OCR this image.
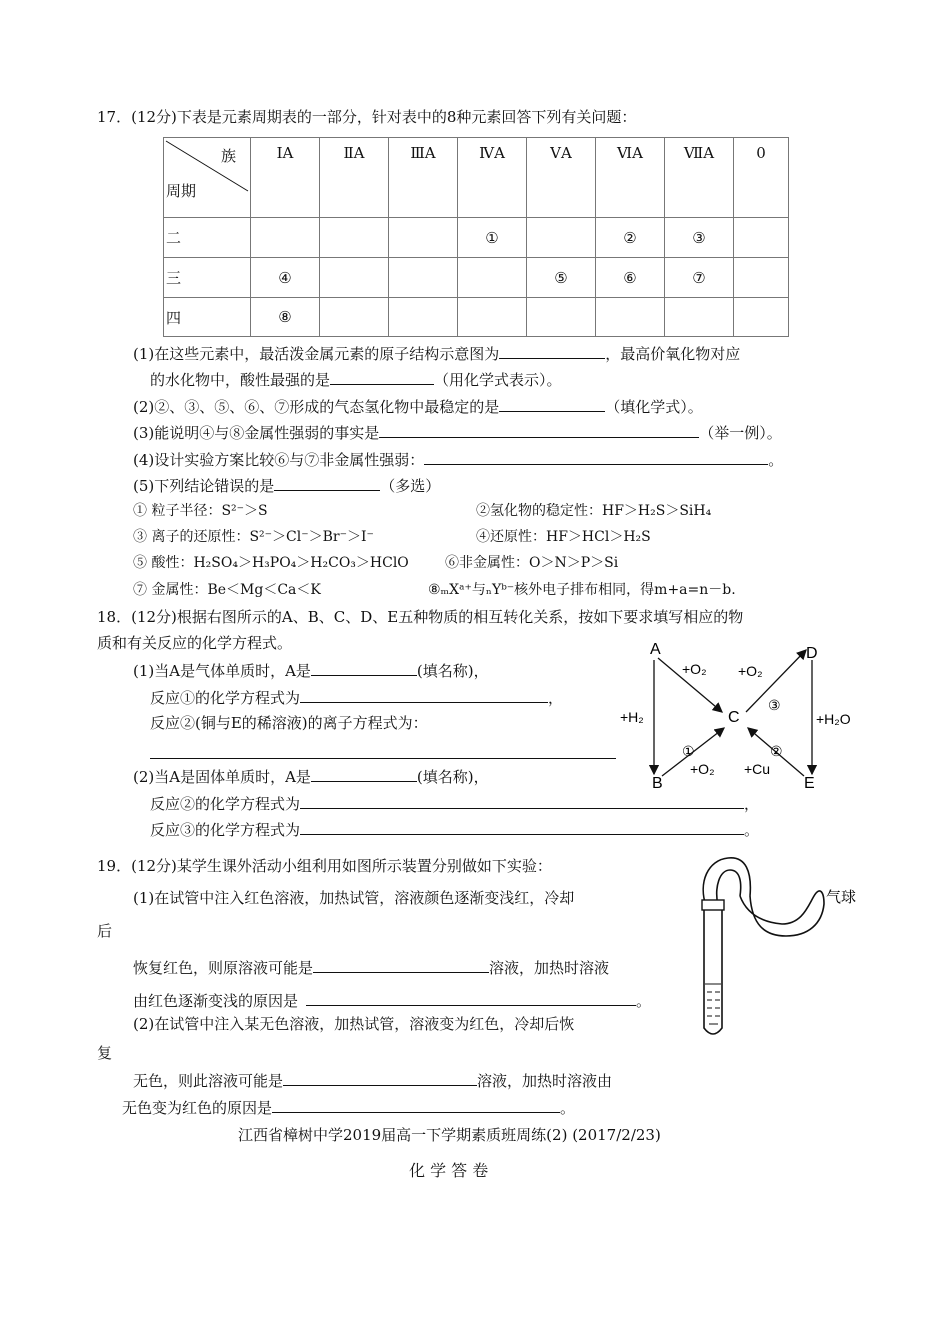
17．(12分)下表是元素周期表的一部分，针对表中的8种元素回答下列有关问题：
族
周期	ⅠA	ⅡA	ⅢA	ⅣA	ⅤA	ⅥA	ⅦA	0
二				①		②	③	
三	④				⑤	⑥	⑦	
四	⑧							
(1)在这些元素中，最活泼金属元素的原子结构示意图为	，最高价氧化物对应
的水化物中，酸性最强的是	（用化学式表示）。
(2)②、③、⑤、⑥、⑦形成的气态氢化物中最稳定的是	（填化学式）。
(3)能说明④与⑧金属性强弱的事实是	（举一例）。
(4)设计实验方案比较⑥与⑦非金属性强弱：	。
(5)下列结论错误的是	（多选）
① 粒子半径：S²⁻＞S	②氢化物的稳定性：HF＞H₂S＞SiH₄
③ 离子的还原性：S²⁻＞Cl⁻＞Br⁻＞I⁻	④还原性：HF＞HCl＞H₂S
⑤ 酸性：H₂SO₄＞H₃PO₄＞H₂CO₃＞HClO	⑥非金属性：O＞N＞P＞Si
⑦ 金属性：Be＜Mg＜Ca＜K	⑧ₘXᵃ⁺与ₙYᵇ⁻核外电子排布相同，得m+a=n－b.
18．(12分)根据右图所示的A、B、C、D、E五种物质的相互转化关系，按如下要求填写相应的物
质和有关反应的化学方程式。
(1)当A是气体单质时，A是	(填名称)，
反应①的化学方程式为	，
反应②(铜与E的稀溶液)的离子方程式为：
(2)当A是固体单质时，A是	(填名称)，
反应②的化学方程式为	，
反应③的化学方程式为	。
A	D
C
B	E
+O₂ +O₂
+H₂	+H₂O
③
①	②
+O₂ +Cu
19．(12分)某学生课外活动小组利用如图所示装置分别做如下实验：
(1)在试管中注入红色溶液，加热试管，溶液颜色逐渐变浅红，冷却
后
恢复红色，则原溶液可能是	溶液，加热时溶液
由红色逐渐变浅的原因是	。
(2)在试管中注入某无色溶液，加热试管，溶液变为红色，冷却后恢
复
无色，则此溶液可能是	溶液，加热时溶液由
无色变为红色的原因是	。
气球
江西省樟树中学2019届高一下学期素质班周练(2) (2017/2/23)
化 学 答 卷
